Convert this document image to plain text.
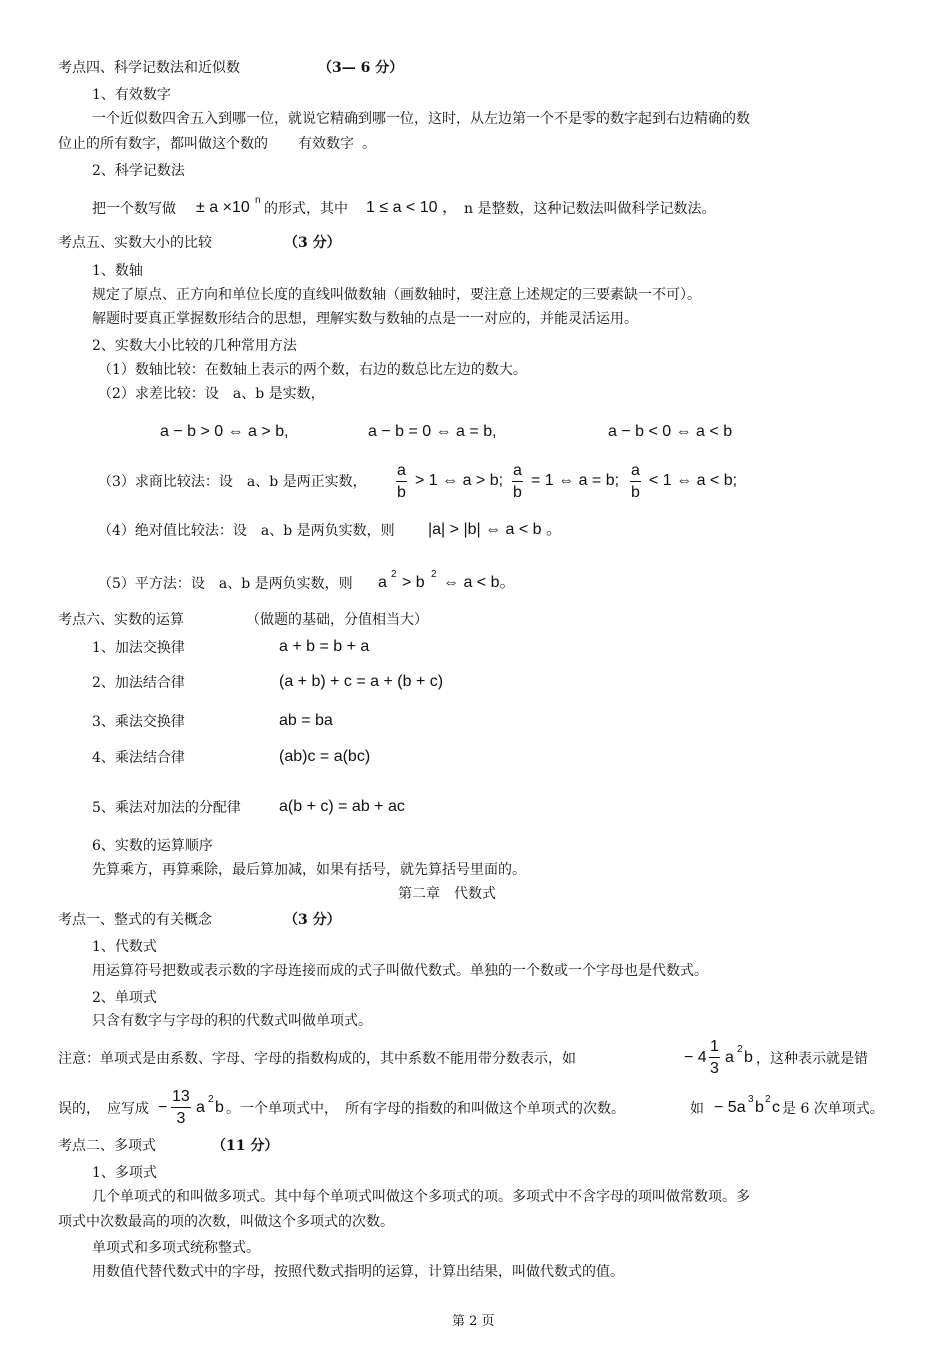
考点四、科学记数法和近似数	（3— 6 分）
1、有效数字
一个近似数四舍五入到哪一位，就说它精确到哪一位，这时，从左边第一个不是零的数字起到右边精确的数
位止的所有数字，都叫做这个数的 有效数字 。
2、科学记数法
把一个数写做 ± a ×10 n
的形式，其中 1 ≤ a < 10 ， n 是整数，这种记数法叫做科学记数法。
考点五、实数大小的比较	（3 分）
1、数轴
规定了原点、正方向和单位长度的直线叫做数轴（画数轴时，要注意上述规定的三要素缺一不可）。
解题时要真正掌握数形结合的思想，理解实数与数轴的点是一一对应的，并能灵活运用。
2、实数大小比较的几种常用方法
（1）数轴比较：在数轴上表示的两个数，右边的数总比左边的数大。
（2）求差比较：设　a、b 是实数，
a − b > 0 ⇔ a > b,	a − b = 0 ⇔ a = b,	a − b < 0 ⇔ a < b
（3）求商比较法：设　a、b 是两正实数，
a
b
> 1 ⇔ a > b;
a
b
= 1 ⇔ a = b;
a
b
< 1 ⇔ a < b;
（4）绝对值比较法：设　a、b 是两负实数，则 |a| > |b| ⇔ a < b 。
（5）平方法：设　a、b 是两负实数，则 a 2 > b 2 ⇔ a < b。
考点六、实数的运算	（做题的基础，分值相当大）
1、加法交换律	a + b = b + a
2、加法结合律	(a + b) + c = a + (b + c)
3、乘法交换律	ab = ba
4、乘法结合律	(ab)c = a(bc)
5、乘法对加法的分配律 a(b + c) = ab + ac
6、实数的运算顺序
先算乘方，再算乘除，最后算加减，如果有括号，就先算括号里面的。
第二章　代数式
考点一、整式的有关概念	（3 分）
1、代数式
用运算符号把数或表示数的字母连接而成的式子叫做代数式。单独的一个数或一个字母也是代数式。
2、单项式
只含有数字与字母的积的代数式叫做单项式。
注意：单项式是由系数、字母、字母的指数构成的，其中系数不能用带分数表示，如	− 4
1
3
a 2 b ，这种表示就是错
误的，　应写成 −
13
3
a 2 b 。一个单项式中，　所有字母的指数的和叫做这个单项式的次数。	如 − 5a 3 b 2 c 是 6 次单项式。
考点二、多项式	（11 分）
1、多项式
几个单项式的和叫做多项式。其中每个单项式叫做这个多项式的项。多项式中不含字母的项叫做常数项。多
项式中次数最高的项的次数，叫做这个多项式的次数。
单项式和多项式统称整式。
用数值代替代数式中的字母，按照代数式指明的运算，计算出结果，叫做代数式的值。
第 2 页
